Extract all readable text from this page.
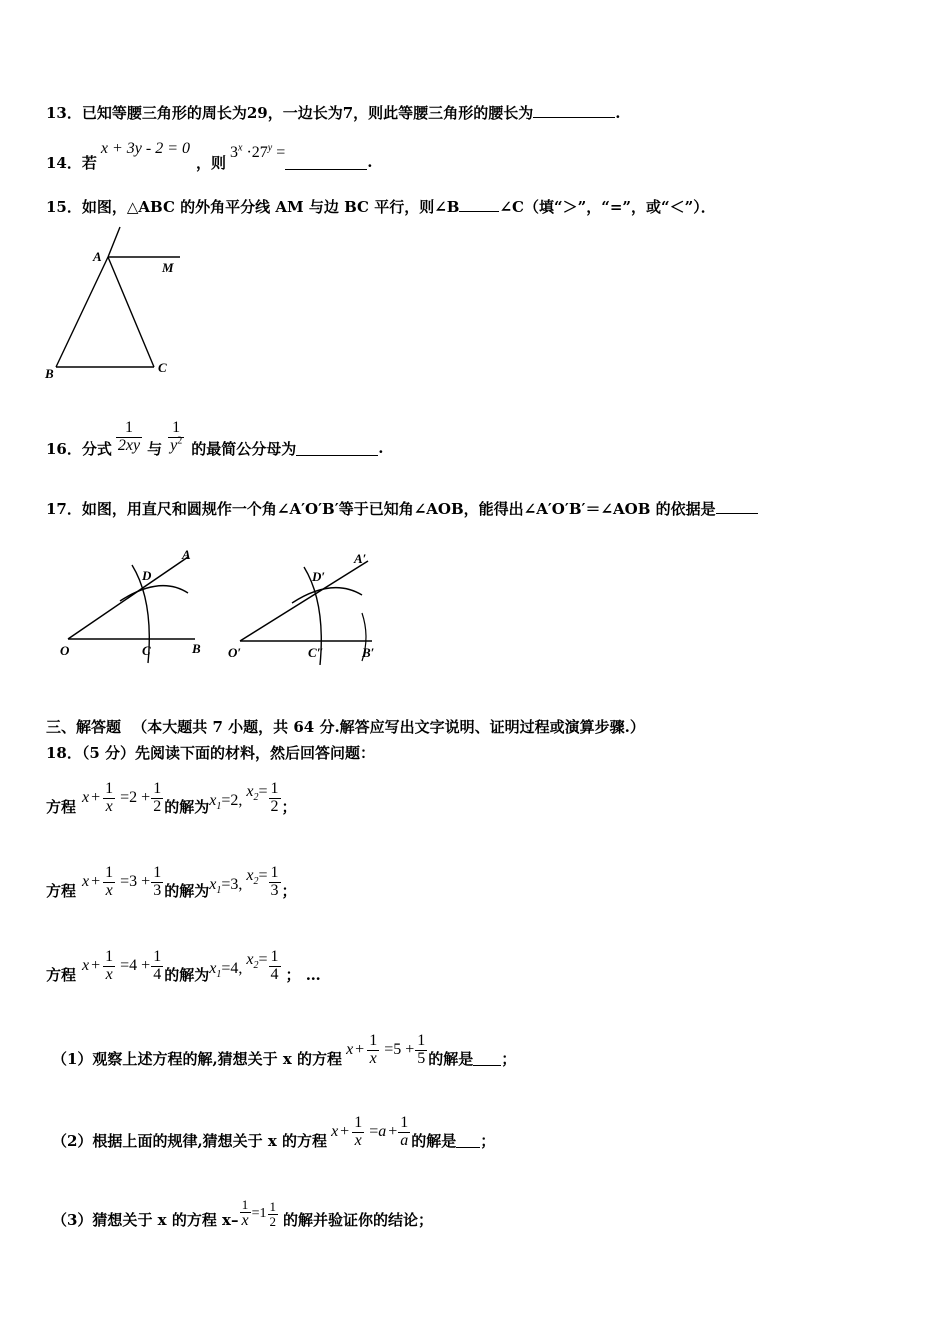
13．已知等腰三角形的周长为29，一边长为7，则此等腰三角形的腰长为	.
14．若
x + 3y - 2 = 0
，则
$3^x \cdot 27^y$ =
.
15．如图，△ABC 的外角平分线 AM 与边 BC 平行，则∠B	∠C（填“＞”，“=”，或“＜”）．
A
M
B	C
16．分式 $\frac{1}{2xy}$ 与 $\frac{1}{y^2}$ 的最简公分母为	.
17．如图，用直尺和圆规作一个角∠A′O′B′等于已知角∠AOB，能得出∠A′O′B′＝∠AOB 的依据是
O	C	B
D
A
O′	C″	B′
D′
A′
三、解答题 （本大题共 7 小题，共 64 分.解答应写出文字说明、证明过程或演算步骤.）
18．（5 分）先阅读下面的材料，然后回答问题：
方程 $x + \frac{1}{x} =2 + \frac{1}{2}$ 的解为 $x_1 =2$ ,
$x_2 = \frac{1}{2}$ ；
方程 $x + \frac{1}{x} =3 + \frac{1}{3}$ 的解为 $x_1 =3$ ,
$x_2 = \frac{1}{3}$ ；
方程 $x + \frac{1}{x} =4 + \frac{1}{4}$ 的解为 $x_1 =4$ ,
$x_2 = \frac{1}{4}$ ； …
（1）观察上述方程的解,猜想关于 x 的方程 $x + \frac{1}{x} =5 + \frac{1}{5}$ 的解是 ；
（2）根据上面的规律,猜想关于 x 的方程 $x + \frac{1}{x} = a + \frac{1}{a}$ 的解是 ；
（3）猜想关于 x 的方程 $x- \frac{1}{x} =1 \frac{1}{2}$ 的解并验证你的结论；
